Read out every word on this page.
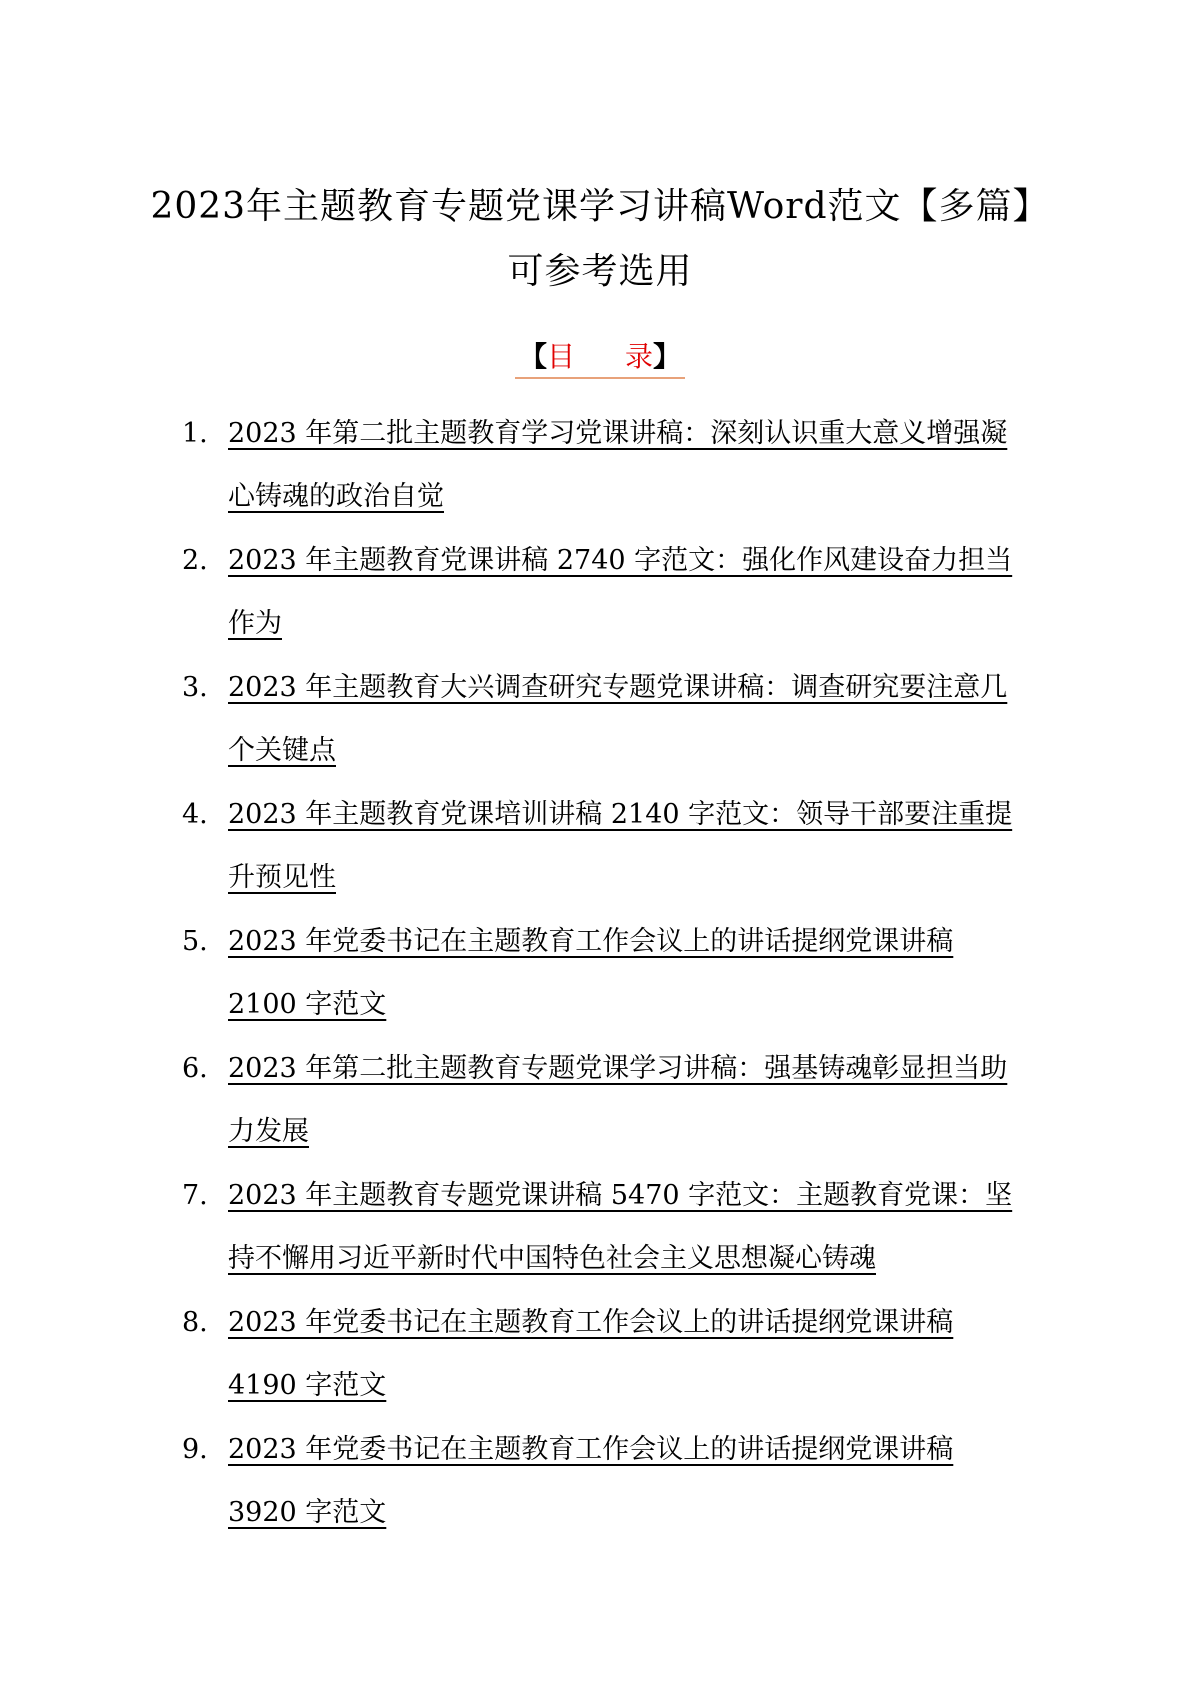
2023年主题教育专题党课学习讲稿Word范文【多篇】
可参考选用
【目 录】
1. 2023 年第二批主题教育学习党课讲稿：深刻认识重大意义增强凝
心铸魂的政治自觉
2. 2023 年主题教育党课讲稿 2740 字范文：强化作风建设奋力担当
作为
3. 2023 年主题教育大兴调查研究专题党课讲稿：调查研究要注意几
个关键点
4. 2023 年主题教育党课培训讲稿 2140 字范文：领导干部要注重提
升预见性
5. 2023 年党委书记在主题教育工作会议上的讲话提纲党课讲稿
2100 字范文
6. 2023 年第二批主题教育专题党课学习讲稿：强基铸魂彰显担当助
力发展
7. 2023 年主题教育专题党课讲稿 5470 字范文：主题教育党课：坚
持不懈用习近平新时代中国特色社会主义思想凝心铸魂
8. 2023 年党委书记在主题教育工作会议上的讲话提纲党课讲稿
4190 字范文
9. 2023 年党委书记在主题教育工作会议上的讲话提纲党课讲稿
3920 字范文
